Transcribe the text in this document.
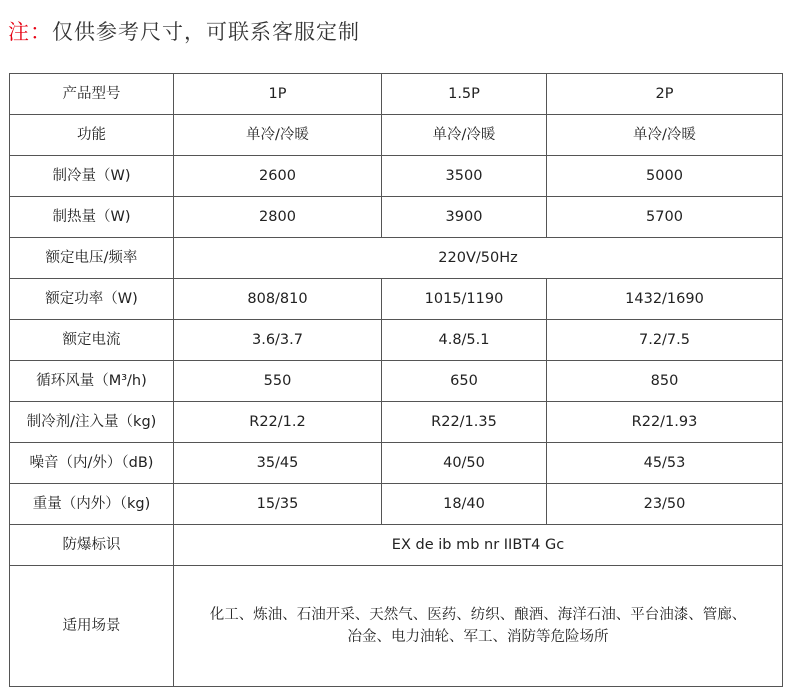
注：仅供参考尺寸，可联系客服定制
产品型号	1P	1.5P	2P
功能	单冷/冷暖	单冷/冷暖	单冷/冷暖
制冷量（W)	2600	3500	5000
制热量（W)	2800	3900	5700
额定电压/频率	220V/50Hz		
额定功率（W)	808/810	1015/1190	1432/1690
额定电流	3.6/3.7	4.8/5.1	7.2/7.5
循环风量（M³/h)	550	650	850
制冷剂/注入量（kg)	R22/1.2	R22/1.35	R22/1.93
噪音（内/外）（dB)	35/45	40/50	45/53
重量（内外）（kg)	15/35	18/40	23/50
防爆标识	EX de ib mb nr IIBT4 Gc		
适用场景	化工、炼油、石油开采、天然气、医药、纺织、酿酒、海洋石油、平台油漆、管廊、
冶金、电力油轮、军工、消防等危险场所		
